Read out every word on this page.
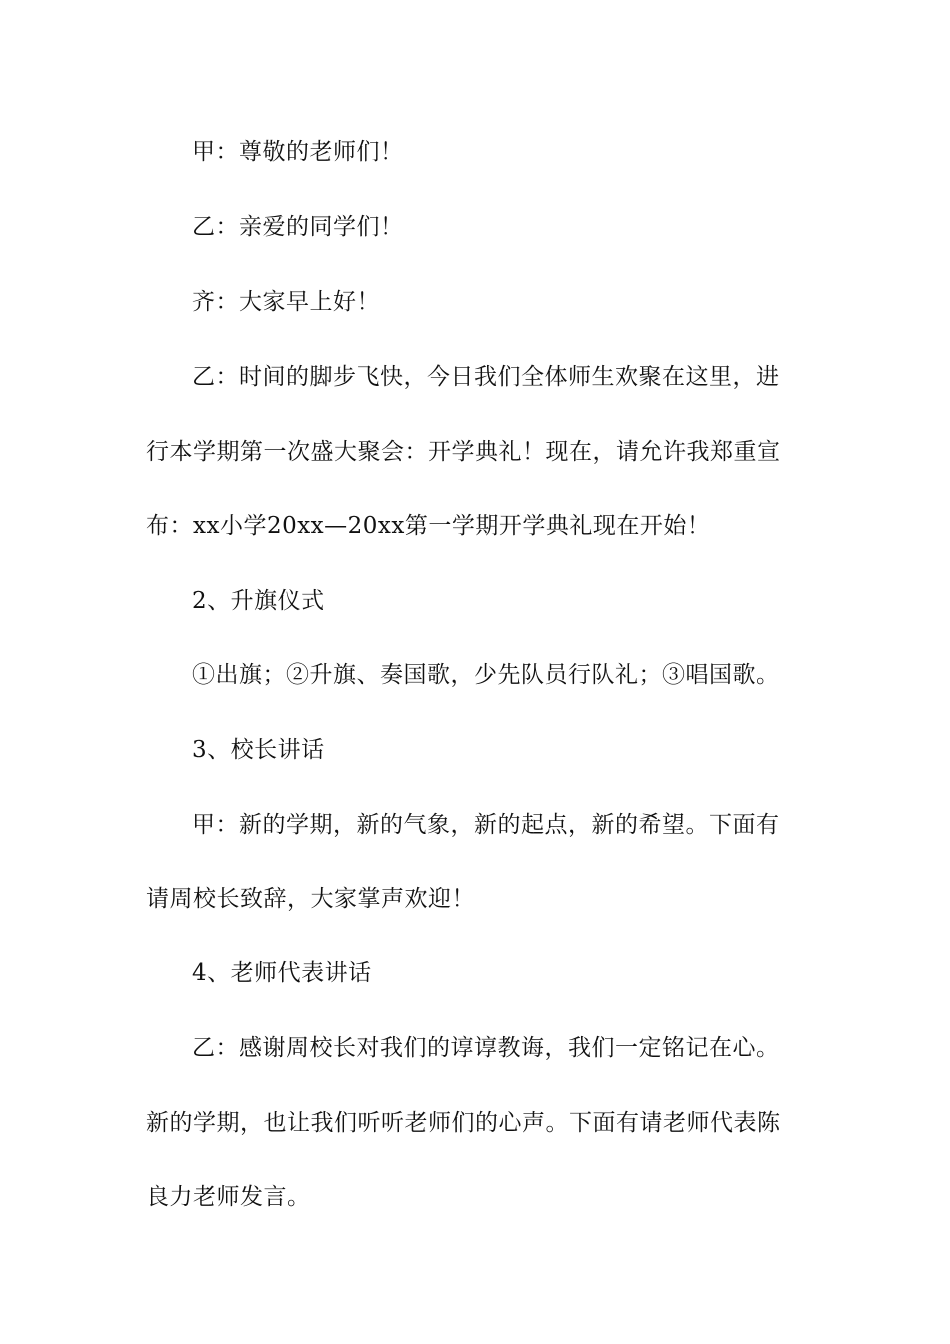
甲：尊敬的老师们！
乙：亲爱的同学们！
齐：大家早上好！
乙：时间的脚步飞快，今日我们全体师生欢聚在这里，进
行本学期第一次盛大聚会：开学典礼！现在，请允许我郑重宣
布：xx小学20xx—20xx第一学期开学典礼现在开始！
2、升旗仪式
①出旗；②升旗、奏国歌，少先队员行队礼；③唱国歌。
3、校长讲话
甲：新的学期，新的气象，新的起点，新的希望。下面有
请周校长致辞，大家掌声欢迎！
4、老师代表讲话
乙：感谢周校长对我们的谆谆教诲，我们一定铭记在心。
新的学期，也让我们听听老师们的心声。下面有请老师代表陈
良力老师发言。
